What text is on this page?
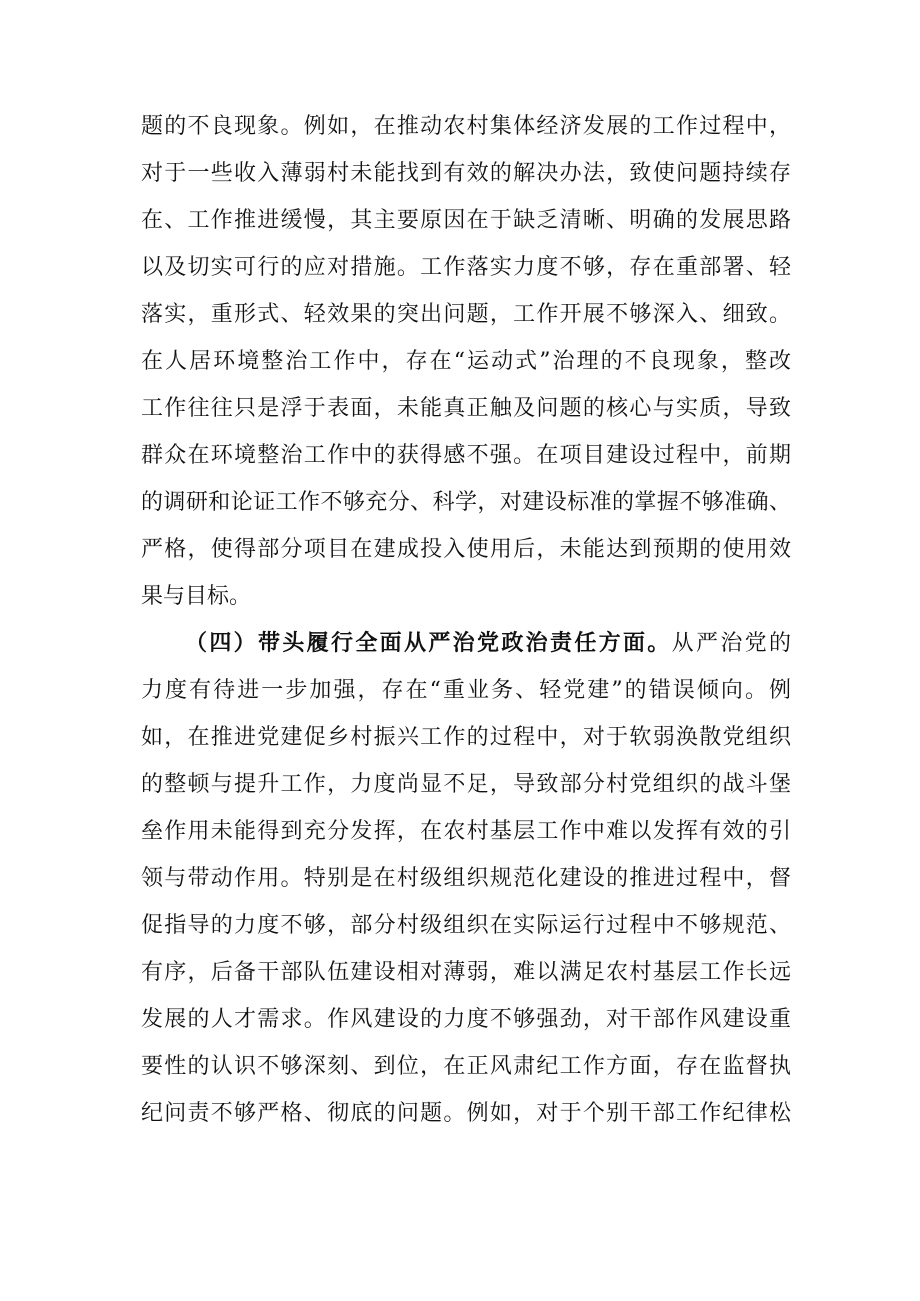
题的不良现象。例如，在推动农村集体经济发展的工作过程中，
对于一些收入薄弱村未能找到有效的解决办法，致使问题持续存
在、工作推进缓慢，其主要原因在于缺乏清晰、明确的发展思路
以及切实可行的应对措施。工作落实力度不够，存在重部署、轻
落实，重形式、轻效果的突出问题，工作开展不够深入、细致。
在人居环境整治工作中，存在“运动式”治理的不良现象，整改
工作往往只是浮于表面，未能真正触及问题的核心与实质，导致
群众在环境整治工作中的获得感不强。在项目建设过程中，前期
的调研和论证工作不够充分、科学，对建设标准的掌握不够准确、
严格，使得部分项目在建成投入使用后，未能达到预期的使用效
果与目标。
（四）带头履行全面从严治党政治责任方面。从严治党的
力度有待进一步加强，存在“重业务、轻党建”的错误倾向。例
如，在推进党建促乡村振兴工作的过程中，对于软弱涣散党组织
的整顿与提升工作，力度尚显不足，导致部分村党组织的战斗堡
垒作用未能得到充分发挥，在农村基层工作中难以发挥有效的引
领与带动作用。特别是在村级组织规范化建设的推进过程中，督
促指导的力度不够，部分村级组织在实际运行过程中不够规范、
有序，后备干部队伍建设相对薄弱，难以满足农村基层工作长远
发展的人才需求。作风建设的力度不够强劲，对干部作风建设重
要性的认识不够深刻、到位，在正风肃纪工作方面，存在监督执
纪问责不够严格、彻底的问题。例如，对于个别干部工作纪律松
